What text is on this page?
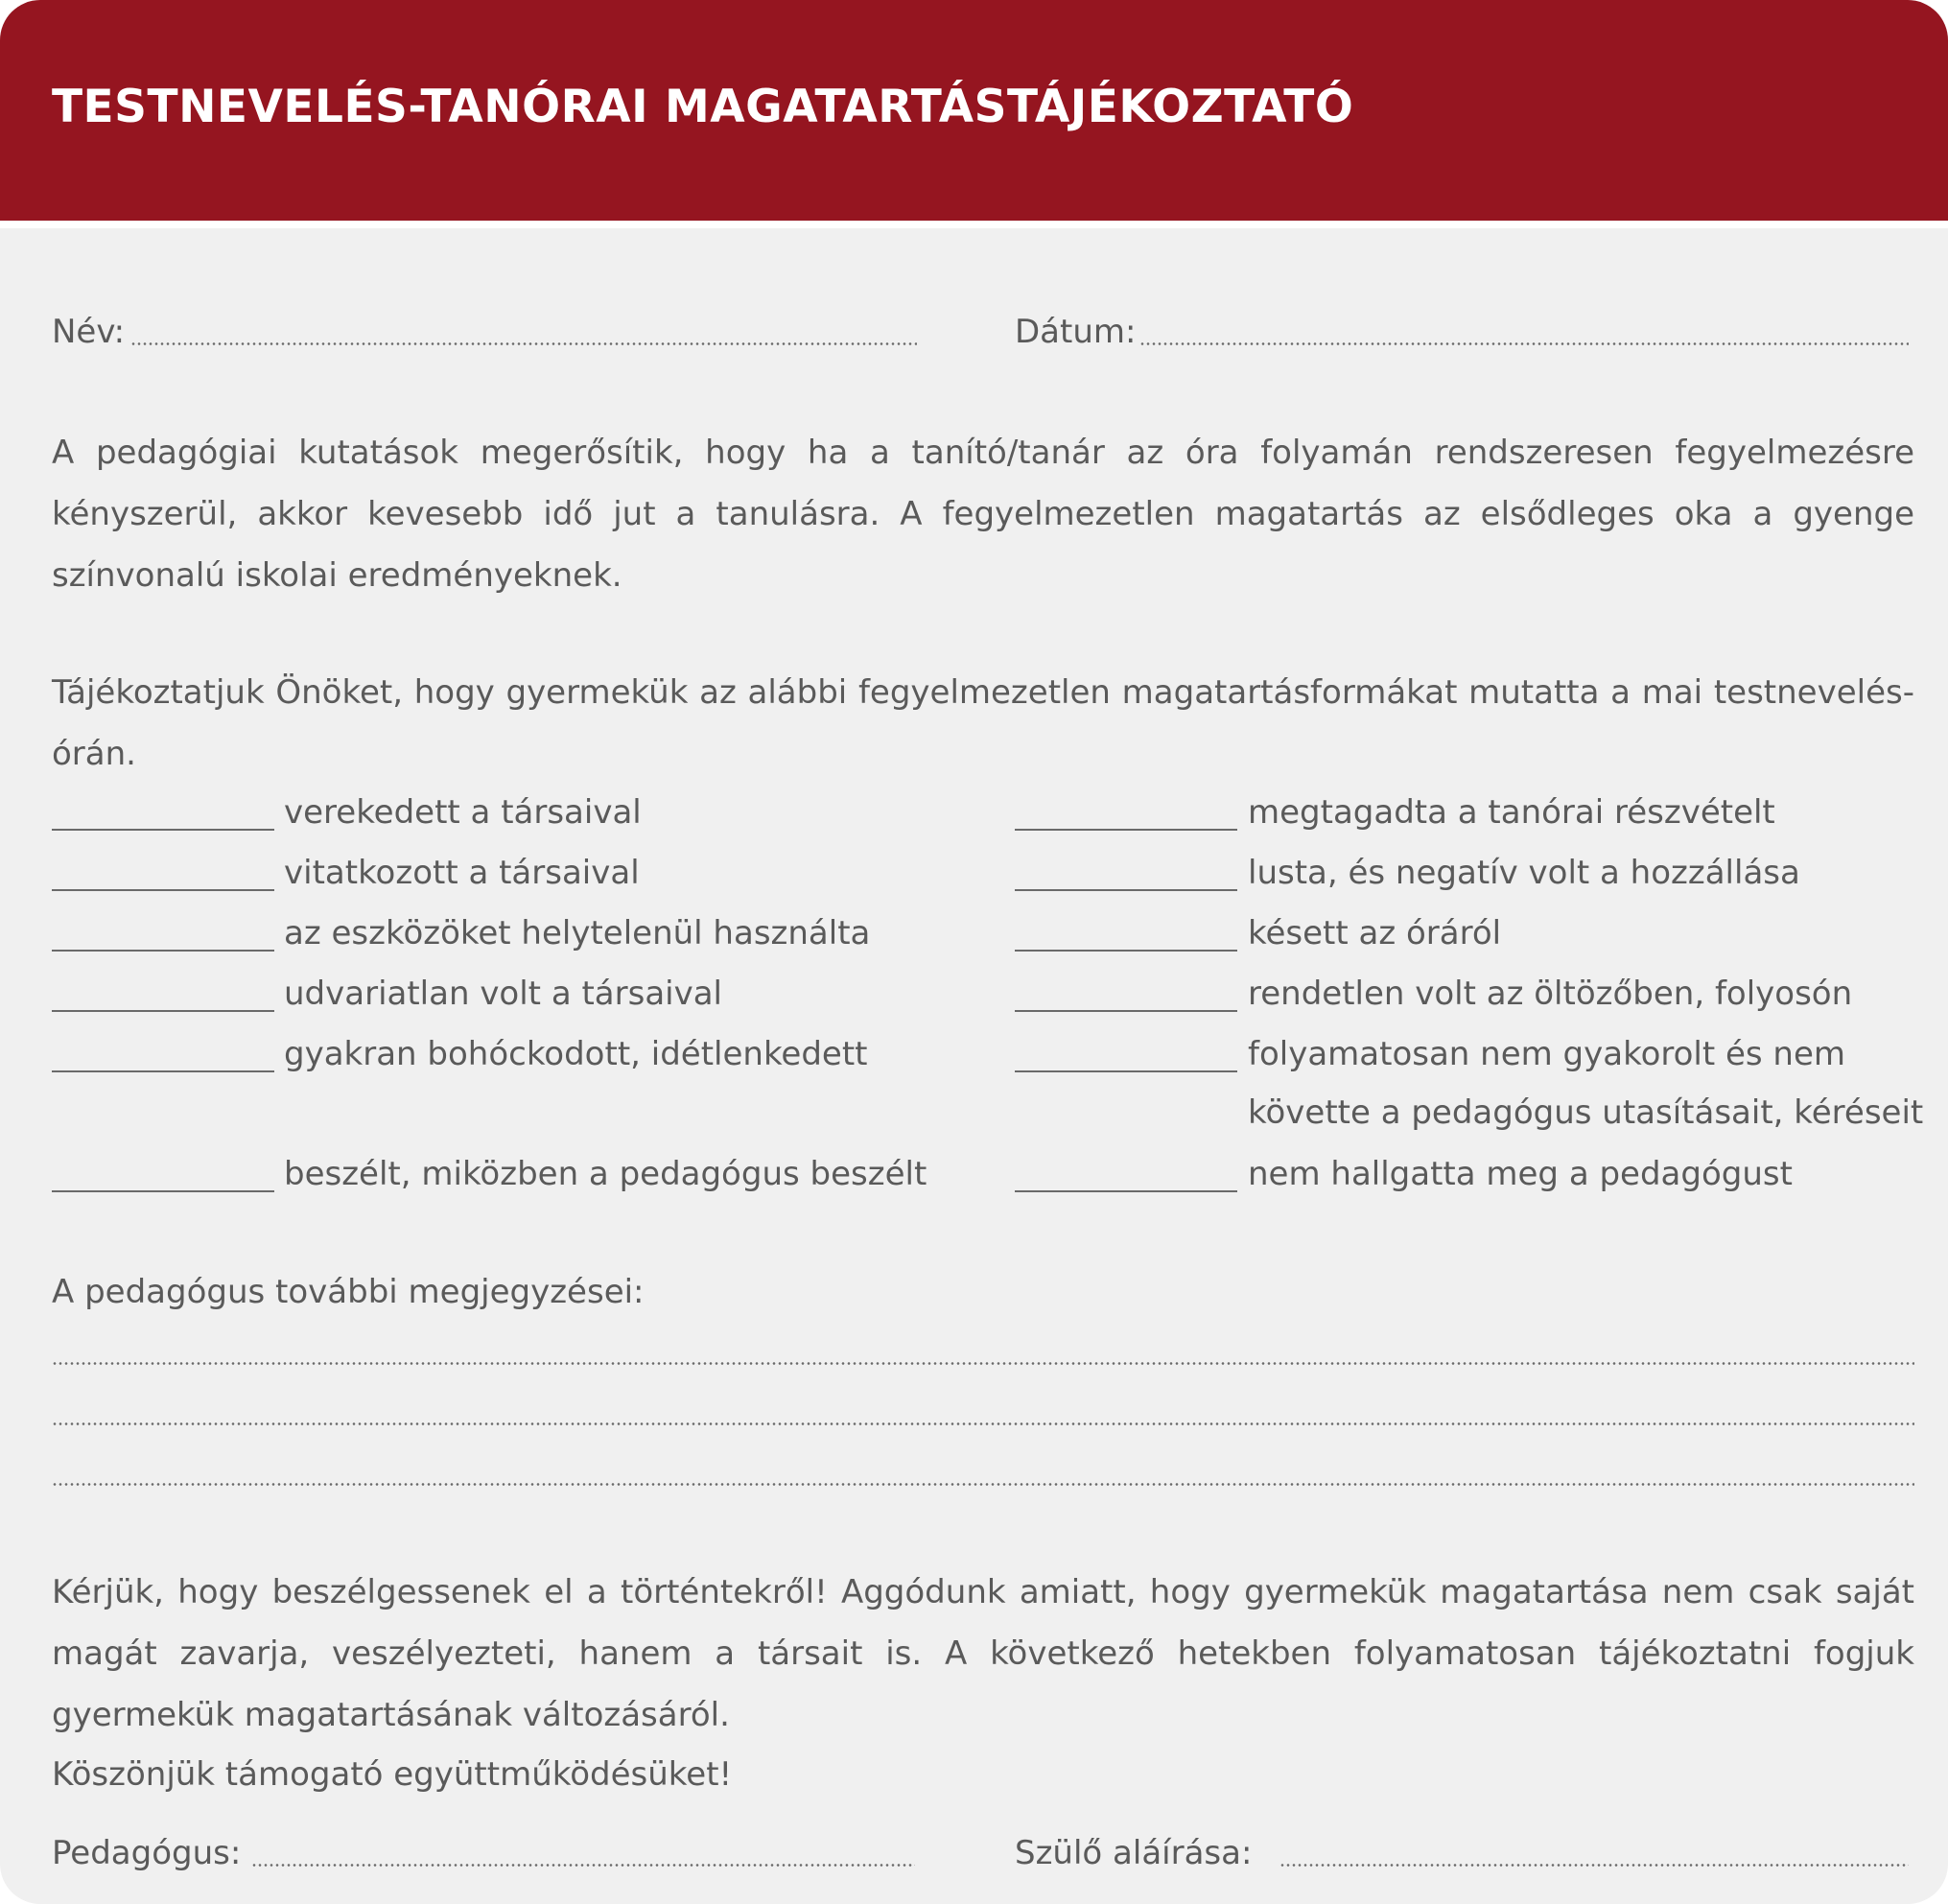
TESTNEVELÉS-TANÓRAI MAGATARTÁSTÁJÉKOZTATÓ
Név:	Dátum:

A pedagógiai kutatások megerősítik, hogy ha a tanító/tanár az óra folyamán rendszeresen fegyelmezésre kényszerül, akkor kevesebb idő jut a tanulásra. A fegyelmezetlen magatartás az elsődleges oka a gyenge színvonalú iskolai eredményeknek.

Tájékoztatjuk Önöket, hogy gyermekük az alábbi fegyelmezetlen magatartásformákat mutatta a mai testnevelésórán.

verekedett a társaival
vitatkozott a társaival
az eszközöket helytelenül használta
udvariatlan volt a társaival
gyakran bohóckodott, idétlenkedett
beszélt, miközben a pedagógus beszélt
megtagadta a tanórai részvételt
lusta, és negatív volt a hozzállása
késett az óráról
rendetlen volt az öltözőben, folyosón
folyamatosan nem gyakorolt és nem
követte a pedagógus utasításait, kéréseit
nem hallgatta meg a pedagógust
A pedagógus további megjegyzései:

Kérjük, hogy beszélgessenek el a történtekről! Aggódunk amiatt, hogy gyermekük magatartása nem csak saját magát zavarja, veszélyezteti, hanem a társait is. A következő hetekben folyamatosan tájékoztatni fogjuk gyermekük magatartásának változásáról.

Köszönjük támogató együttműködésüket!
Pedagógus:	Szülő aláírása:
